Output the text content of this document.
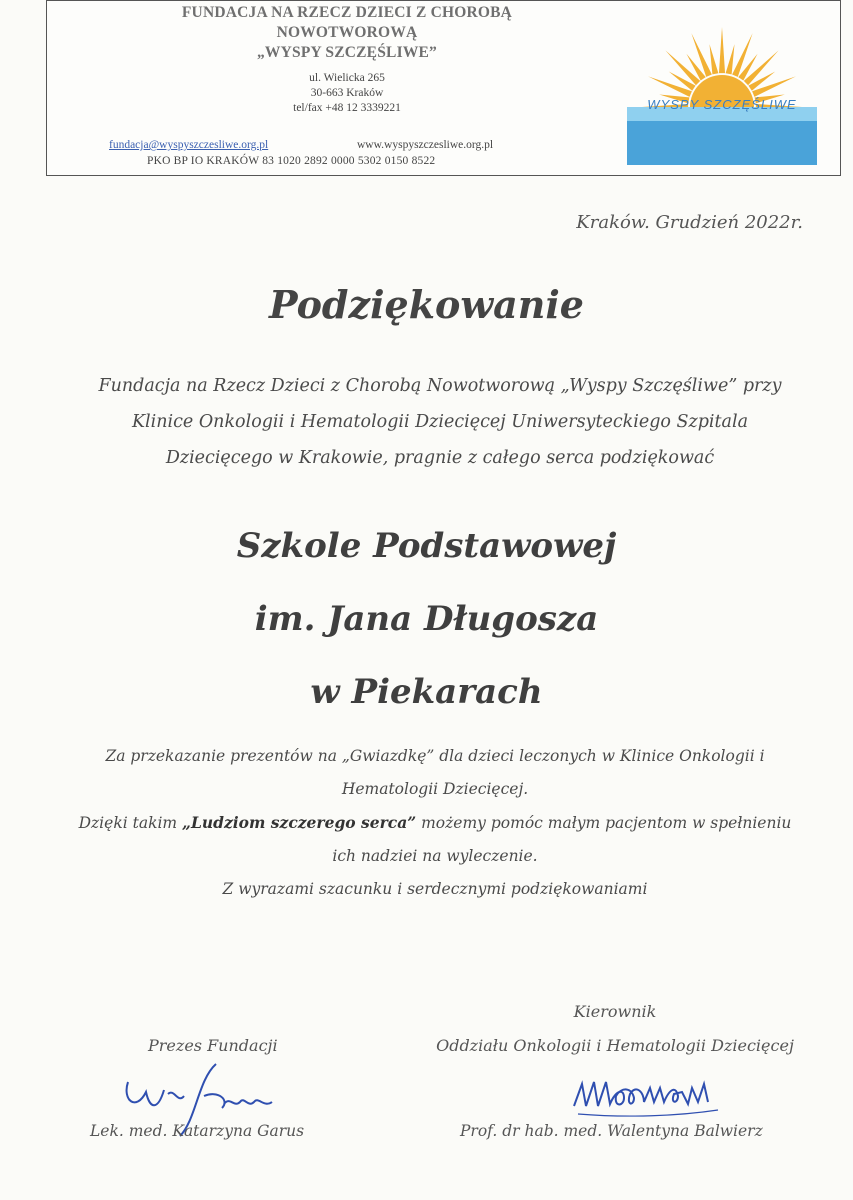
FUNDACJA NA RZECZ DZIECI Z CHOROBĄ
NOWOTWOROWĄ
„WYSPY SZCZĘŚLIWE”
ul. Wielicka 265
30-663 Kraków
tel/fax +48 12 3339221
fundacja@wyspyszczesliwe.org.pl	www.wyspyszczesliwe.org.pl
PKO BP IO KRAKÓW 83 1020 2892 0000 5302 0150 8522
WYSPY SZCZĘŚLIWE
Kraków. Grudzień 2022r.
Podziękowanie
Fundacja na Rzecz Dzieci z Chorobą Nowotworową „Wyspy Szczęśliwe” przy
Klinice Onkologii i Hematologii Dziecięcej Uniwersyteckiego Szpitala
Dziecięcego w Krakowie, pragnie z całego serca podziękować
Szkole Podstawowej
im. Jana Długosza
w Piekarach
Za przekazanie prezentów na „Gwiazdkę” dla dzieci leczonych w Klinice Onkologii i
Hematologii Dziecięcej.
Dzięki takim „Ludziom szczerego serca” możemy pomóc małym pacjentom w spełnieniu
ich nadziei na wyleczenie.
Z wyrazami szacunku i serdecznymi podziękowaniami
Kierownik
Prezes Fundacji	Oddziału Onkologii i Hematologii Dziecięcej
Lek. med. Katarzyna Garus	Prof. dr hab. med. Walentyna Balwierz
